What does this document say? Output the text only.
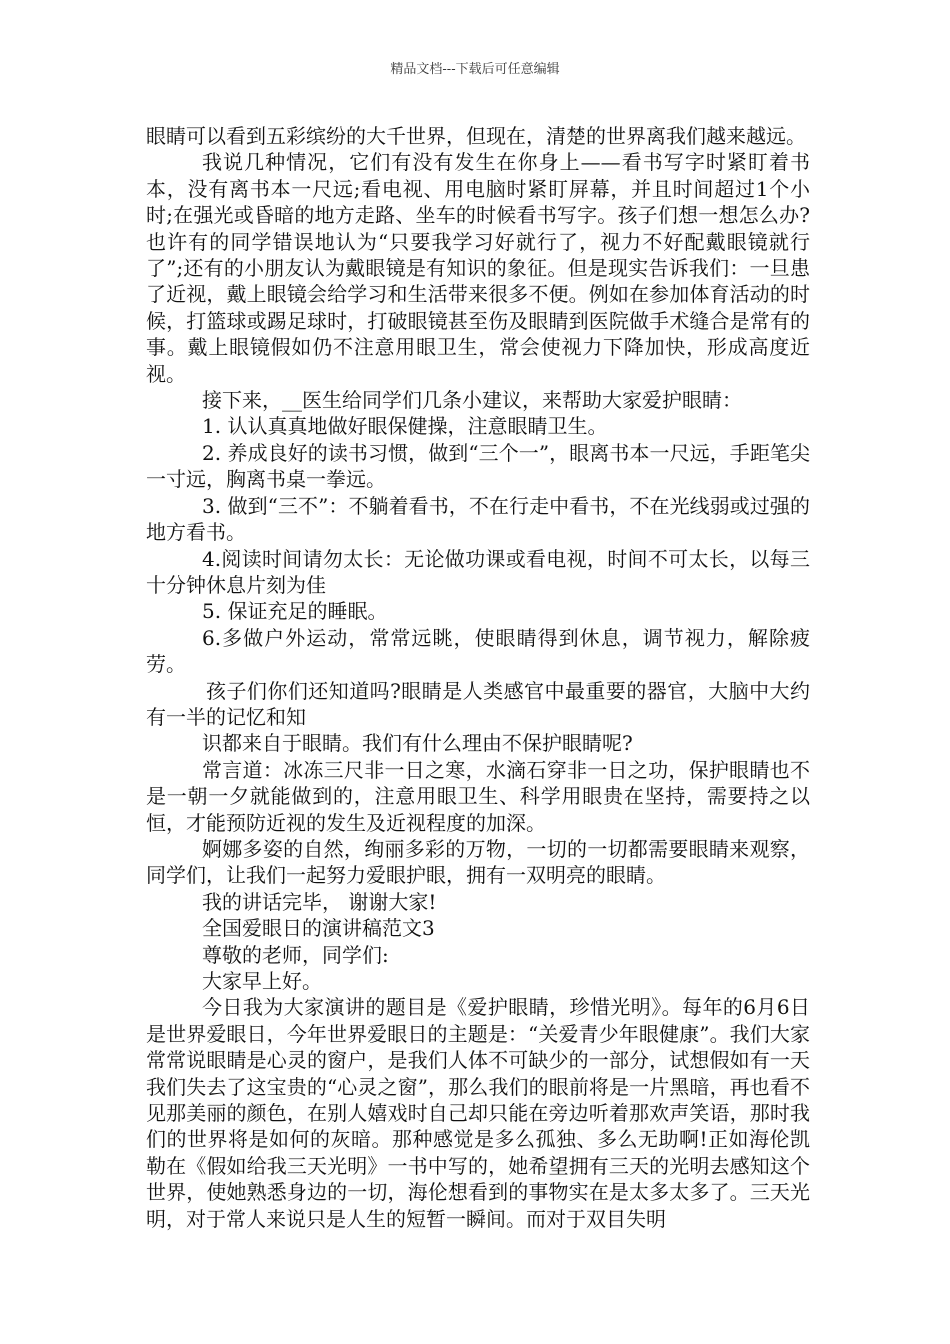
精品文档---下载后可任意编辑

眼睛可以看到五彩缤纷的大千世界，但现在，清楚的世界离我们越来越远。

我说几种情况，它们有没有发生在你身上——看书写字时紧盯着书本，没有离书本一尺远;看电视、用电脑时紧盯屏幕，并且时间超过1个小时;在强光或昏暗的地方走路、坐车的时候看书写字。孩子们想一想怎么办?也许有的同学错误地认为“只要我学习好就行了，视力不好配戴眼镜就行了”;还有的小朋友认为戴眼镜是有知识的象征。但是现实告诉我们：一旦患了近视，戴上眼镜会给学习和生活带来很多不便。例如在参加体育活动的时候，打篮球或踢足球时，打破眼镜甚至伤及眼睛到医院做手术缝合是常有的事。戴上眼镜假如仍不注意用眼卫生，常会使视力下降加快，形成高度近视。

接下来，__医生给同学们几条小建议，来帮助大家爱护眼睛：

1. 认认真真地做好眼保健操，注意眼睛卫生。

2. 养成良好的读书习惯，做到“三个一”，眼离书本一尺远，手距笔尖一寸远，胸离书桌一拳远。

3. 做到“三不”：不躺着看书，不在行走中看书，不在光线弱或过强的地方看书。

4.阅读时间请勿太长：无论做功课或看电视，时间不可太长，以每三十分钟休息片刻为佳

5. 保证充足的睡眠。

6.多做户外运动，常常远眺，使眼睛得到休息，调节视力，解除疲劳。

孩子们你们还知道吗?眼睛是人类感官中最重要的器官，大脑中大约有一半的记忆和知

识都来自于眼睛。我们有什么理由不保护眼睛呢?

常言道：冰冻三尺非一日之寒，水滴石穿非一日之功，保护眼睛也不是一朝一夕就能做到的，注意用眼卫生、科学用眼贵在坚持，需要持之以恒，才能预防近视的发生及近视程度的加深。

婀娜多姿的自然，绚丽多彩的万物，一切的一切都需要眼睛来观察，同学们，让我们一起努力爱眼护眼，拥有一双明亮的眼睛。

我的讲话完毕， 谢谢大家!

全国爱眼日的演讲稿范文3

尊敬的老师，同学们:

大家早上好。

今日我为大家演讲的题目是《爱护眼睛，珍惜光明》。每年的6月6日是世界爱眼日，今年世界爱眼日的主题是：“关爱青少年眼健康”。我们大家常常说眼睛是心灵的窗户，是我们人体不可缺少的一部分，试想假如有一天我们失去了这宝贵的“心灵之窗”，那么我们的眼前将是一片黑暗，再也看不见那美丽的颜色，在别人嬉戏时自己却只能在旁边听着那欢声笑语，那时我们的世界将是如何的灰暗。那种感觉是多么孤独、多么无助啊!正如海伦凯勒在《假如给我三天光明》一书中写的，她希望拥有三天的光明去感知这个世界，使她熟悉身边的一切，海伦想看到的事物实在是太多太多了。三天光明，对于常人来说只是人生的短暂一瞬间。而对于双目失明
